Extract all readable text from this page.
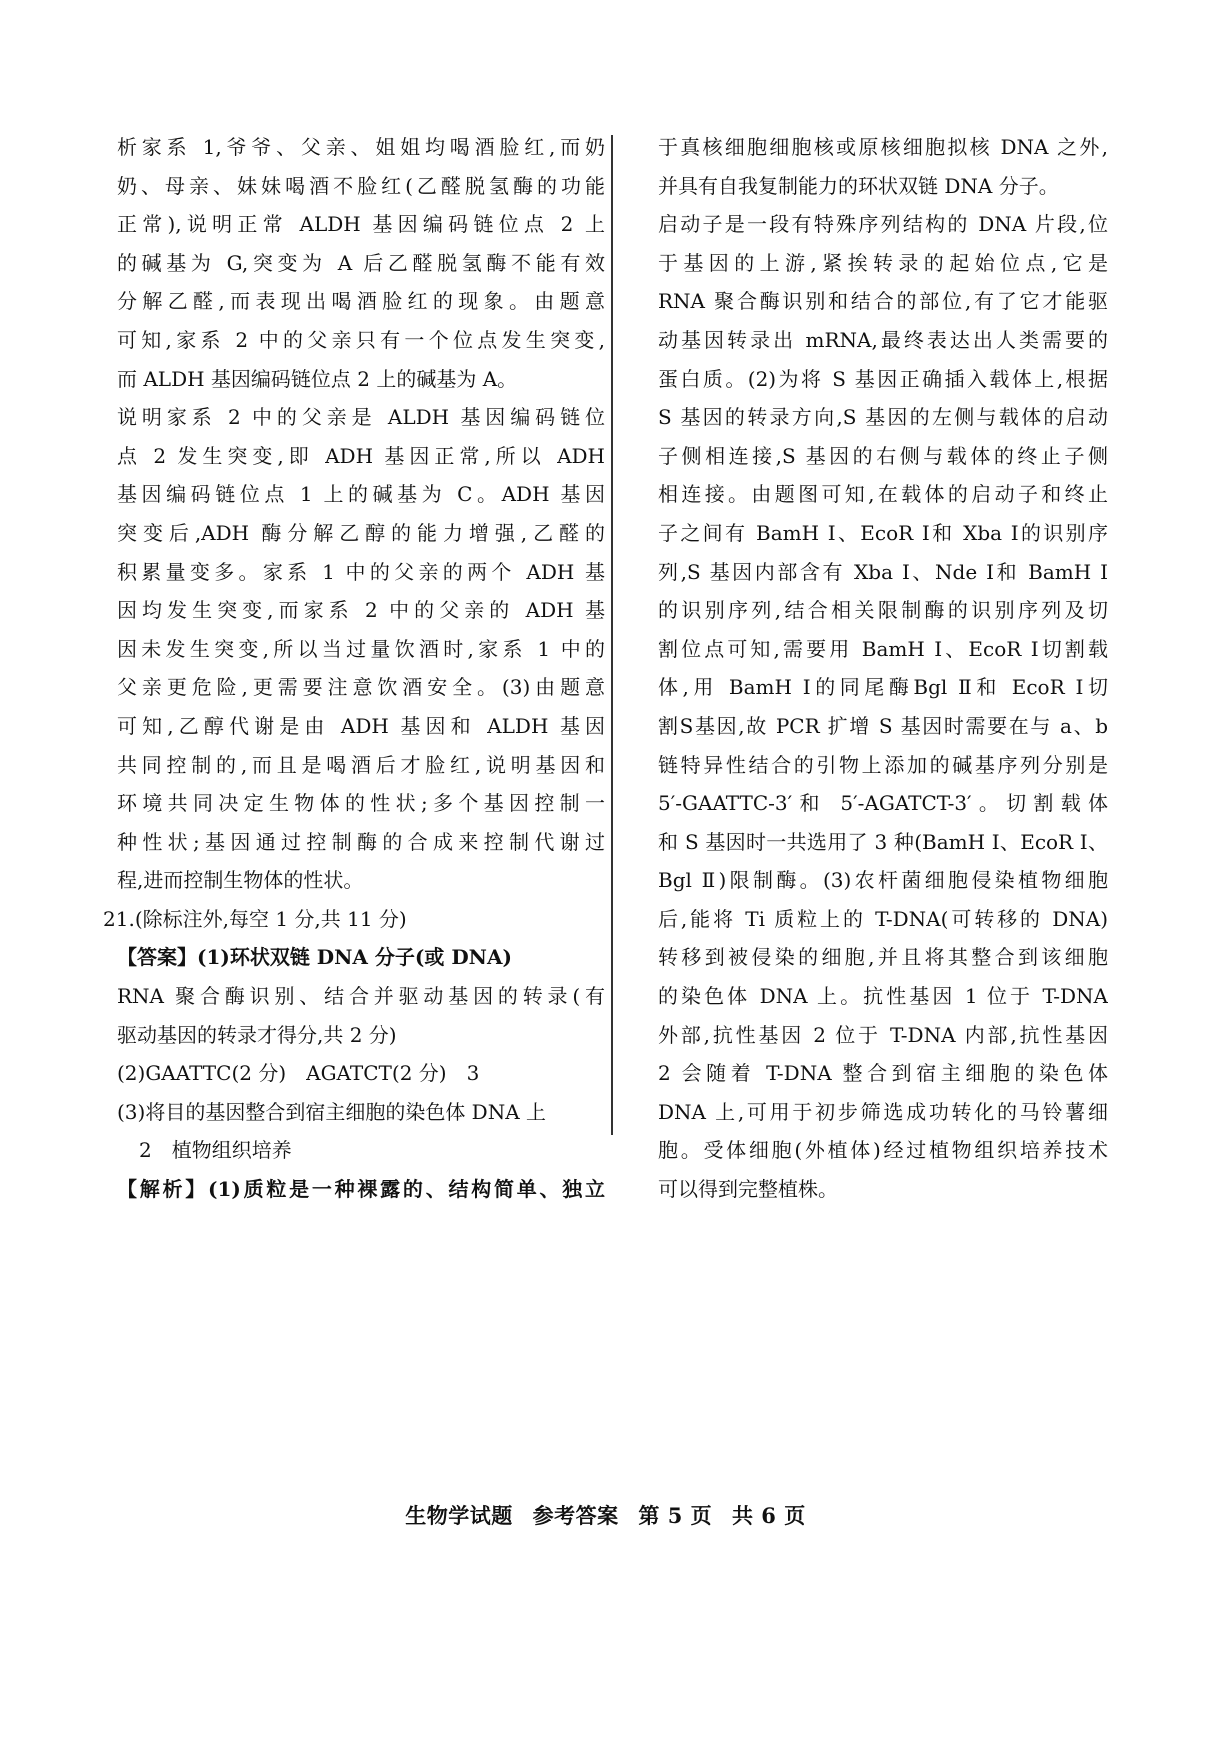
析家系 1,爷爷、父亲、姐姐均喝酒脸红,而奶
奶、母亲、妹妹喝酒不脸红(乙醛脱氢酶的功能
正常),说明正常 ALDH 基因编码链位点 2 上
的碱基为 G,突变为 A 后乙醛脱氢酶不能有效
分解乙醛,而表现出喝酒脸红的现象。由题意
可知,家系 2 中的父亲只有一个位点发生突变,
而 ALDH 基因编码链位点 2 上的碱基为 A。
说明家系 2 中的父亲是 ALDH 基因编码链位
点 2 发生突变,即 ADH 基因正常,所以 ADH
基因编码链位点 1 上的碱基为 C。ADH 基因
突变后,ADH 酶分解乙醇的能力增强,乙醛的
积累量变多。家系 1 中的父亲的两个 ADH 基
因均发生突变,而家系 2 中的父亲的 ADH 基
因未发生突变,所以当过量饮酒时,家系 1 中的
父亲更危险,更需要注意饮酒安全。(3)由题意
可知,乙醇代谢是由 ADH 基因和 ALDH 基因
共同控制的,而且是喝酒后才脸红,说明基因和
环境共同决定生物体的性状;多个基因控制一
种性状;基因通过控制酶的合成来控制代谢过
程,进而控制生物体的性状。
21.(除标注外,每空 1 分,共 11 分)
【答案】(1)环状双链 DNA 分子(或 DNA)
RNA 聚合酶识别、结合并驱动基因的转录(有
驱动基因的转录才得分,共 2 分)
(2)GAATTC(2 分)　AGATCT(2 分)　3
(3)将目的基因整合到宿主细胞的染色体 DNA 上
2　植物组织培养
【解析】(1)质粒是一种裸露的、结构简单、独立
于真核细胞细胞核或原核细胞拟核 DNA 之外,
并具有自我复制能力的环状双链 DNA 分子。
启动子是一段有特殊序列结构的 DNA 片段,位
于基因的上游,紧挨转录的起始位点,它是
RNA 聚合酶识别和结合的部位,有了它才能驱
动基因转录出 mRNA,最终表达出人类需要的
蛋白质。(2)为将 S 基因正确插入载体上,根据
S 基因的转录方向,S 基因的左侧与载体的启动
子侧相连接,S 基因的右侧与载体的终止子侧
相连接。由题图可知,在载体的启动子和终止
子之间有 BamH Ⅰ、EcoR Ⅰ和 Xba Ⅰ的识别序
列,S 基因内部含有 Xba Ⅰ、Nde Ⅰ和 BamH Ⅰ
的识别序列,结合相关限制酶的识别序列及切
割位点可知,需要用 BamH Ⅰ、EcoR Ⅰ切割载
体,用 BamH Ⅰ的同尾酶Bgl Ⅱ和 EcoR Ⅰ切
割S基因,故 PCR 扩增 S 基因时需要在与 a、b
链特异性结合的引物上添加的碱基序列分别是
5′-GAATTC-3′和 5′-AGATCT-3′。切割载体
和 S 基因时一共选用了 3 种(BamH Ⅰ、EcoR Ⅰ、
Bgl Ⅱ)限制酶。(3)农杆菌细胞侵染植物细胞
后,能将 Ti 质粒上的 T-DNA(可转移的 DNA)
转移到被侵染的细胞,并且将其整合到该细胞
的染色体 DNA 上。抗性基因 1 位于 T-DNA
外部,抗性基因 2 位于 T-DNA 内部,抗性基因
2 会随着 T-DNA 整合到宿主细胞的染色体
DNA 上,可用于初步筛选成功转化的马铃薯细
胞。受体细胞(外植体)经过植物组织培养技术
可以得到完整植株。
生物学试题 参考答案 第 5 页 共 6 页
